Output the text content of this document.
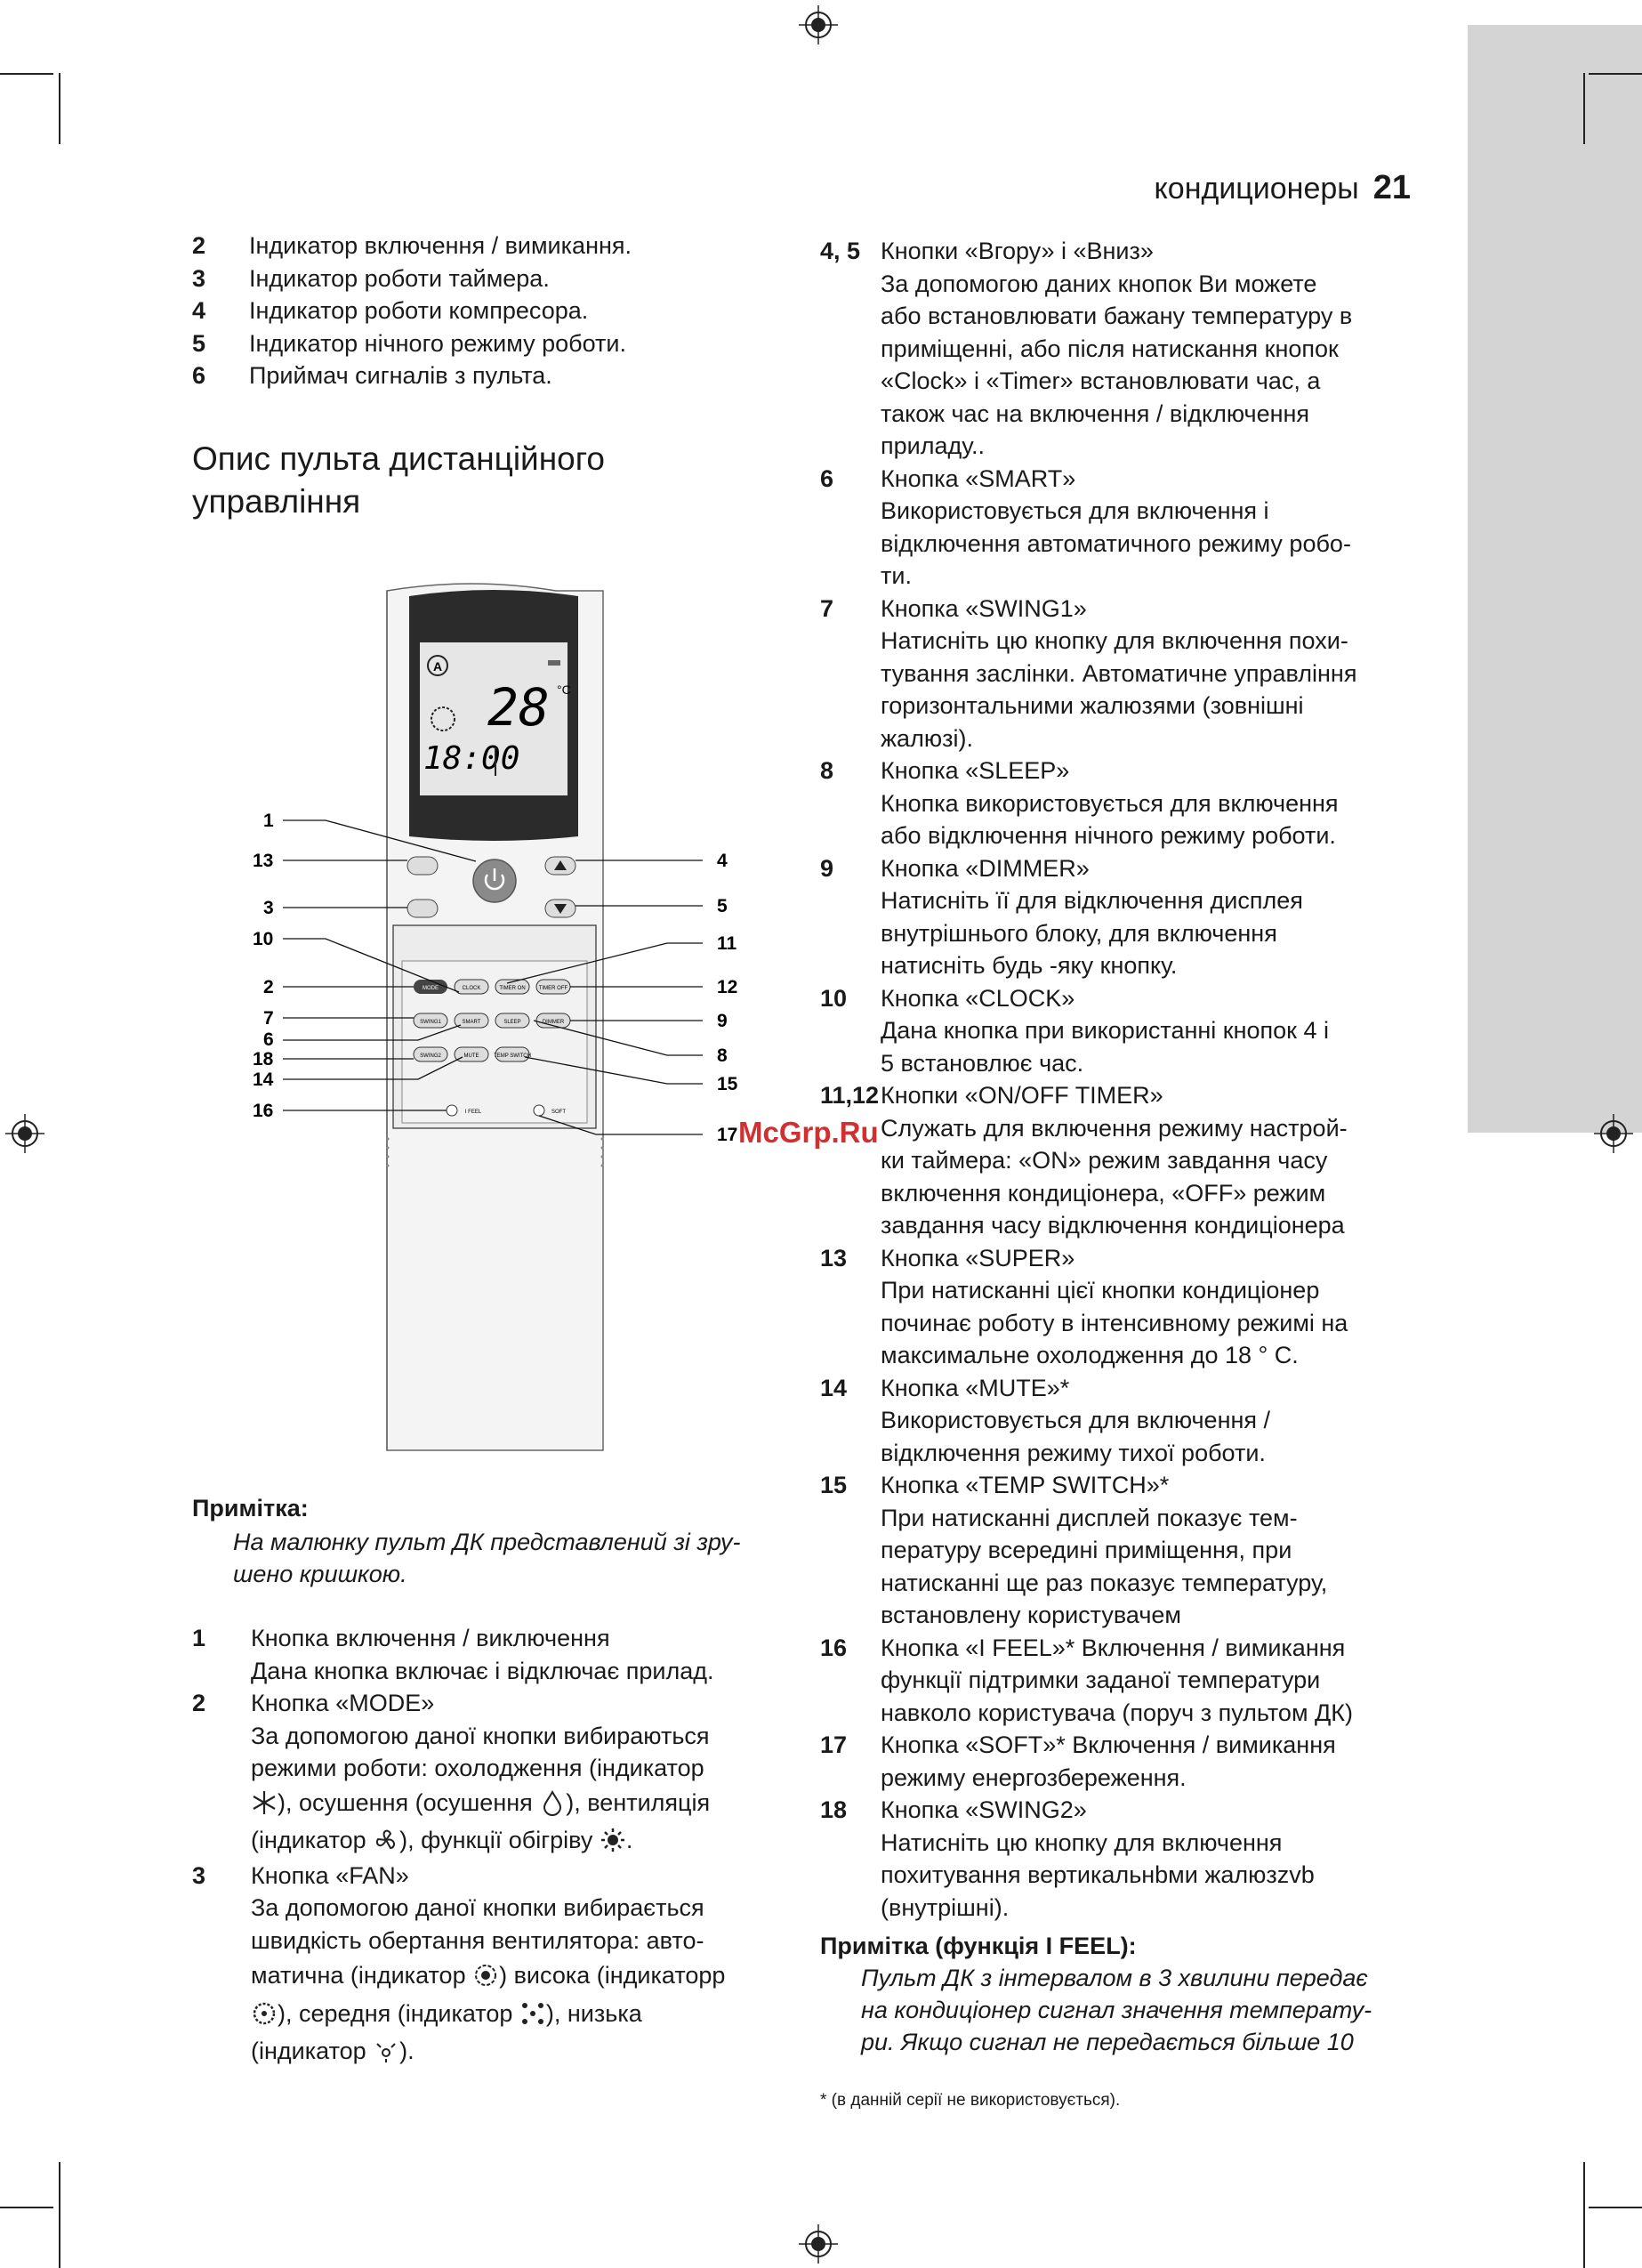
кондиционеры 21
2 Індикатор включення / вимикання.
3 Індикатор роботи таймера.
4 Індикатор роботи компресора.
5 Індикатор нічного режиму роботи.
6 Приймач сигналів з пульта.
Опис пульта дистанційного
управління
A
28 °C
18:00
MODE	CLOCK	TIMER ON	TIMER OFF
SWING1	SMART	SLEEP	DIMMER
SWING2	MUTE	TEMP SWITCH
I FEEL	SOFT
1
13
3
10
2
7
6
18
14
16
4
5
11
12
9
8
15
17
Примітка:
На малюнку пульт ДК представлений зі зру-
шено кришкою.
1 Кнопка включення / виключення
Дана кнопка включає і відключає прилад.
2 Кнопка «MODE»
За допомогою даної кнопки вибираються
режими роботи: охолодження (індикатор
), осушення (осушення ), вентиляція
(індикатор ), функції обігріву .
3 Кнопка «FAN»
За допомогою даної кнопки вибирається
швидкість обертання вентилятора: авто-
матична (індикатор ) висока (індикаторр
), середня (індикатор ), низька
(індикатор ).
4, 5 Кнопки «Вгору» і «Вниз»
За допомогою даних кнопок Ви можете
або встановлювати бажану температуру в
приміщенні, або після натискання кнопок
«Clock» і «Timer» встановлювати час, а
також час на включення / відключення
приладу..
6 Кнопка «SMART»
Використовується для включення і
відключення автоматичного режиму робо-
ти.
7 Кнопка «SWING1»
Натисніть цю кнопку для включення похи-
тування заслінки. Автоматичне управління
горизонтальними жалюзями (зовнішні
жалюзі).
8 Кнопка «SLEEP»
Кнопка використовується для включення
або відключення нічного режиму роботи.
9 Кнопка «DIMMER»
Натисніть її для відключення дисплея
внутрішнього блоку, для включення
натисніть будь -яку кнопку.
10 Кнопка «CLOCK»
Дана кнопка при використанні кнопок 4 і
5 встановлює час.
11,12 Кнопки «ON/OFF TIMER»
Служать для включення режиму настрой-
ки таймера: «ON» режим завдання часу
включення кондиціонера, «OFF» режим
завдання часу відключення кондиціонера
13 Кнопка «SUPER»
При натисканні цієї кнопки кондиціонер
починає роботу в інтенсивному режимі на
максимальне охолодження до 18 ° С.
14 Кнопка «MUTE»*
Використовується для включення /
відключення режиму тихої роботи.
15 Кнопка «TEMP SWITCH»*
При натисканні дисплей показує тем-
пературу всередині приміщення, при
натисканні ще раз показує температуру,
встановлену користувачем
16 Кнопка «I FEEL»* Включення / вимикання
функції підтримки заданої температури
навколо користувача (поруч з пультом ДК)
17 Кнопка «SOFT»* Включення / вимикання
режиму енергозбереження.
18 Кнопка «SWING2»
Натисніть цю кнопку для включення
похитування вертикальнbми жалюзzvb
(внутрішні).
Примітка (функція I FEEL):
Пульт ДК з інтервалом в 3 хвилини передає
на кондиціонер сигнал значення температу-
ри. Якщо сигнал не передається більше 10
* (в данній серії не використовується).
McGrp.Ru
